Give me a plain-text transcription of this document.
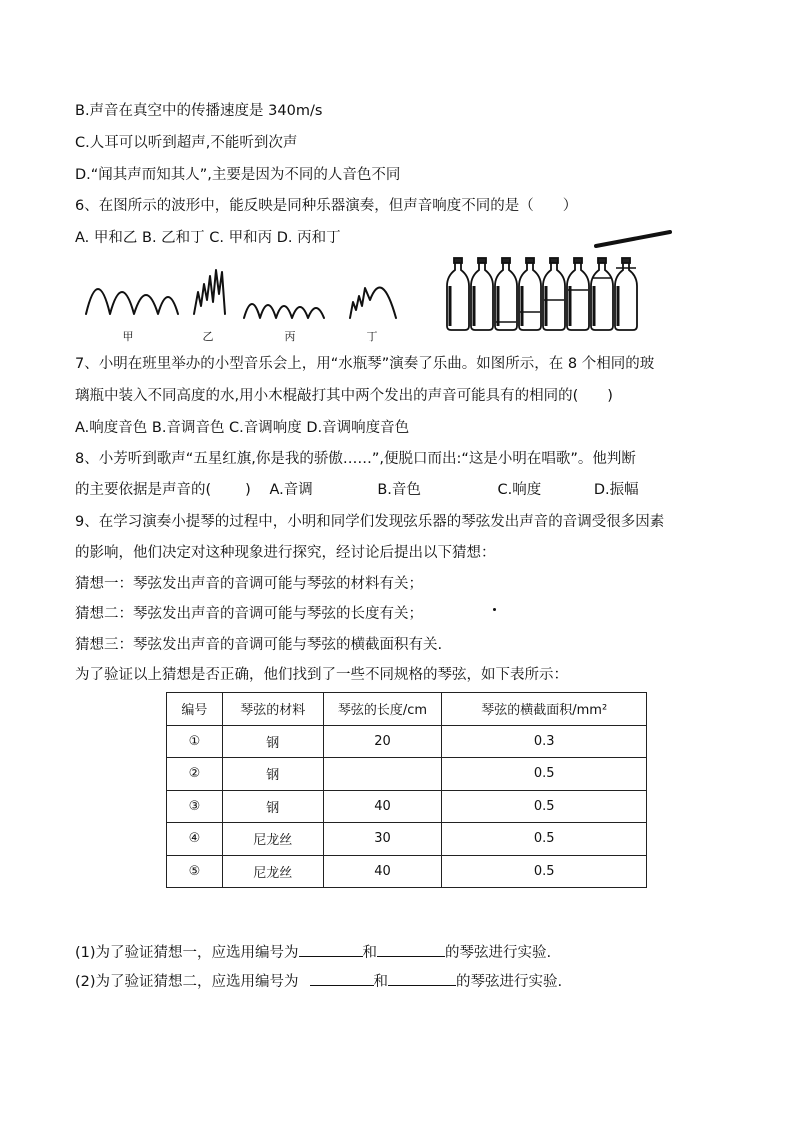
B.声音在真空中的传播速度是 340m/s
C.人耳可以听到超声,不能听到次声
D.“闻其声而知其人”,主要是因为不同的人音色不同
6、在图所示的波形中，能反映是同种乐器演奏，但声音响度不同的是（　　）
A. 甲和乙 B. 乙和丁 C. 甲和丙 D. 丙和丁
甲	乙	丙	丁
7、小明在班里举办的小型音乐会上，用“水瓶琴”演奏了乐曲。如图所示，在 8 个相同的玻
璃瓶中装入不同高度的水,用小木棍敲打其中两个发出的声音可能具有的相同的(　　)
A.响度音色 B.音调音色 C.音调响度 D.音调响度音色
8、小芳听到歌声“五星红旗,你是我的骄傲……”,便脱口而出:“这是小明在唱歌”。他判断
的主要依据是声音的( ) A.音调	B.音色	C.响度	D.振幅
9、在学习演奏小提琴的过程中，小明和同学们发现弦乐器的琴弦发出声音的音调受很多因素
的影响，他们决定对这种现象进行探究，经讨论后提出以下猜想：
猜想一：琴弦发出声音的音调可能与琴弦的材料有关；
猜想二：琴弦发出声音的音调可能与琴弦的长度有关；
猜想三：琴弦发出声音的音调可能与琴弦的横截面积有关.
为了验证以上猜想是否正确，他们找到了一些不同规格的琴弦，如下表所示：
编号	琴弦的材料	琴弦的长度/cm	琴弦的横截面积/mm²
①	钢	20	0.3
②	钢		0.5
③	钢	40	0.5
④	尼龙丝	30	0.5
⑤	尼龙丝	40	0.5
(1)为了验证猜想一，应选用编号为	和	的琴弦进行实验.
(2)为了验证猜想二，应选用编号为	和	的琴弦进行实验.
